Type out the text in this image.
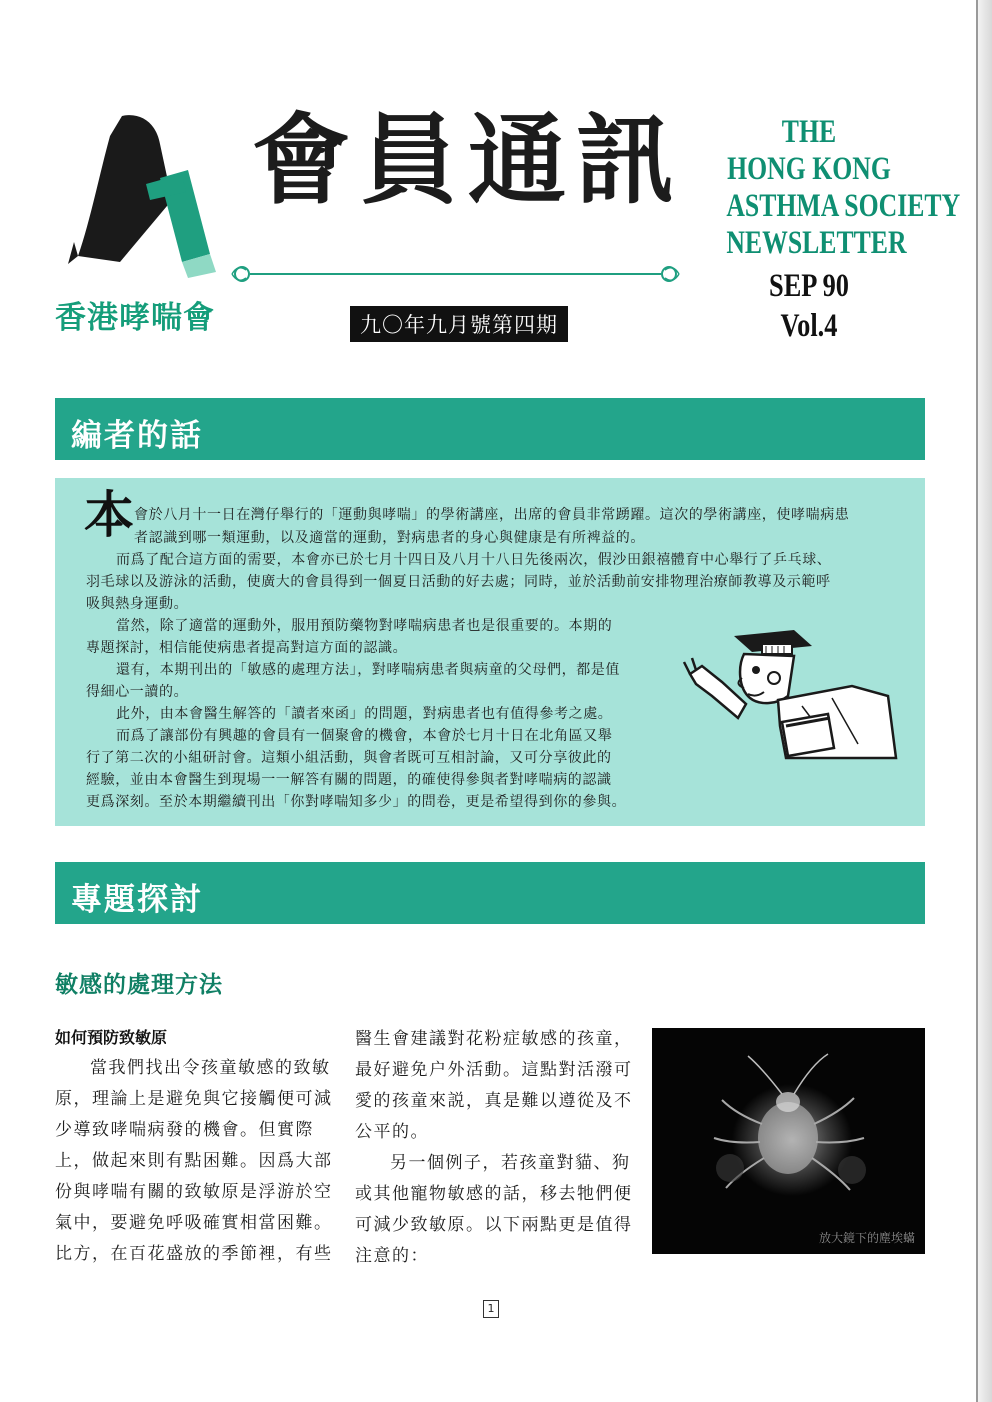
香港哮喘會
會員通訊
九〇年九月號第四期
THE
HONG KONG
ASTHMA SOCIETY
NEWSLETTER
SEP 90
Vol.4
編者的話
本 會於八月十一日在灣仔舉行的「運動與哮喘」的學術講座，出席的會員非常踴躍。這次的學術講座，使哮喘病患
者認識到哪一類運動，以及適當的運動，對病患者的身心與健康是有所裨益的。
而爲了配合這方面的需要，本會亦已於七月十四日及八月十八日先後兩次，假沙田銀禧體育中心舉行了乒乓球、
羽毛球以及游泳的活動，使廣大的會員得到一個夏日活動的好去處；同時，並於活動前安排物理治療師教導及示範呼
吸與熱身運動。
當然，除了適當的運動外，服用預防藥物對哮喘病患者也是很重要的。本期的
專題探討，相信能使病患者提高對這方面的認識。
還有，本期刊出的「敏感的處理方法」，對哮喘病患者與病童的父母們，都是值
得細心一讀的。
此外，由本會醫生解答的「讀者來函」的問題，對病患者也有值得參考之處。
而爲了讓部份有興趣的會員有一個聚會的機會，本會於七月十日在北角區又舉
行了第二次的小組研討會。這類小組活動，與會者既可互相討論，又可分享彼此的
經驗，並由本會醫生到現場一一解答有關的問題，的確使得參與者對哮喘病的認識
更爲深刻。至於本期繼續刊出「你對哮喘知多少」的問卷，更是希望得到你的參與。
專題探討
敏感的處理方法
如何預防致敏原
當我們找出令孩童敏感的致敏
原，理論上是避免與它接觸便可減
少導致哮喘病發的機會。但實際
上，做起來則有點困難。因爲大部
份與哮喘有關的致敏原是浮游於空
氣中，要避免呼吸確實相當困難。
比方，在百花盛放的季節裡，有些
醫生會建議對花粉症敏感的孩童，
最好避免户外活動。這點對活潑可
愛的孩童來説，真是難以遵從及不
公平的。
另一個例子，若孩童對貓、狗
或其他寵物敏感的話，移去牠們便
可減少致敏原。以下兩點更是值得
注意的：
放大鏡下的塵埃蟎
1
